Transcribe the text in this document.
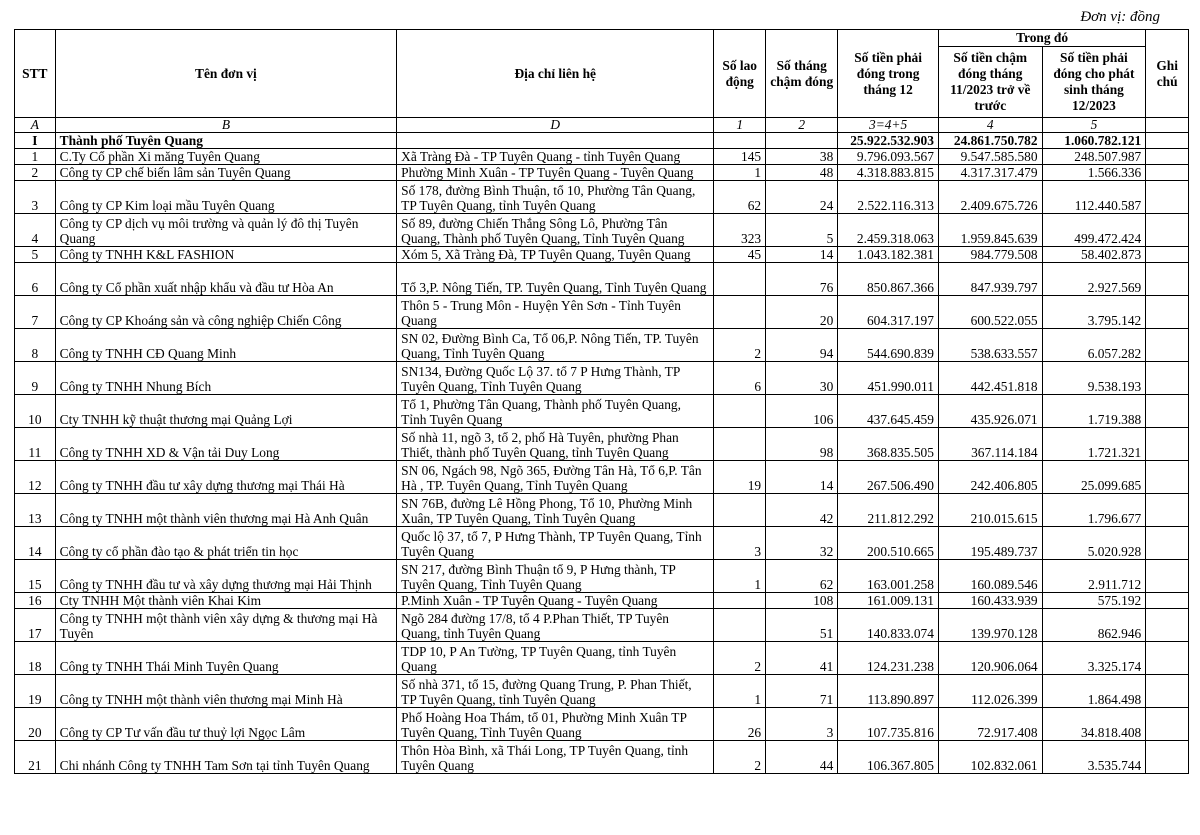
Đơn vị: đồng
STT	Tên đơn vị	Địa chỉ liên hệ	Số lao động	Số tháng chậm đóng	Số tiền phải đóng trong tháng 12	Trong đó		Ghi chú
						Số tiền chậm đóng tháng 11/2023 trở về trước	Số tiền phải đóng cho phát sinh tháng 12/2023	
A	B	D	1	2	3=4+5	4	5	
I	Thành phố Tuyên Quang				25.922.532.903	24.861.750.782	1.060.782.121	
1	C.Ty Cổ phần Xi măng Tuyên Quang	Xã Tràng Đà - TP Tuyên Quang - tỉnh Tuyên Quang	145	38	9.796.093.567	9.547.585.580	248.507.987	
2	Công ty CP chế biến lâm sản Tuyên Quang	Phường Minh Xuân - TP Tuyên Quang - Tuyên Quang	1	48	4.318.883.815	4.317.317.479	1.566.336	
3	Công ty CP Kim loại mầu Tuyên Quang	Số 178, đường Bình Thuận, tổ 10, Phường Tân Quang, TP Tuyên Quang, tỉnh Tuyên Quang	62	24	2.522.116.313	2.409.675.726	112.440.587	
4	Công ty CP dịch vụ môi trường và quản lý đô thị Tuyên Quang	Số 89, đường Chiến Thắng Sông Lô, Phường Tân Quang, Thành phố Tuyên Quang, Tỉnh Tuyên Quang	323	5	2.459.318.063	1.959.845.639	499.472.424	
5	Công ty TNHH K&L FASHION	Xóm 5, Xã Tràng Đà, TP Tuyên Quang, Tuyên Quang	45	14	1.043.182.381	984.779.508	58.402.873	
6	Công ty Cổ phần xuất nhập khẩu và đầu tư Hòa An	Tổ 3,P. Nông Tiến, TP. Tuyên Quang, Tỉnh Tuyên Quang		76	850.867.366	847.939.797	2.927.569	
7	Công ty CP Khoáng sản và công nghiệp Chiến Công	Thôn 5 - Trung Môn - Huyện Yên Sơn - Tỉnh Tuyên Quang		20	604.317.197	600.522.055	3.795.142	
8	Công ty TNHH CĐ Quang Minh	SN 02, Đường Bình Ca, Tổ 06,P. Nông Tiến, TP. Tuyên Quang, Tỉnh Tuyên Quang	2	94	544.690.839	538.633.557	6.057.282	
9	Công ty TNHH Nhung Bích	SN134, Đường Quốc Lộ 37. tổ 7 P Hưng Thành, TP Tuyên Quang, Tỉnh Tuyên Quang	6	30	451.990.011	442.451.818	9.538.193	
10	Cty TNHH kỹ thuật thương mại Quảng Lợi	Tổ 1, Phường Tân Quang, Thành phố Tuyên Quang, Tỉnh Tuyên Quang		106	437.645.459	435.926.071	1.719.388	
11	Công ty TNHH XD & Vận tải Duy Long	Số nhà 11, ngõ 3, tổ 2, phố Hà Tuyên, phường Phan Thiết, thành phố Tuyên Quang, tỉnh Tuyên Quang		98	368.835.505	367.114.184	1.721.321	
12	Công ty TNHH đầu tư xây dựng thương mại Thái Hà	SN 06, Ngách 98, Ngõ 365, Đường Tân Hà, Tổ 6,P. Tân Hà , TP. Tuyên Quang, Tỉnh Tuyên Quang	19	14	267.506.490	242.406.805	25.099.685	
13	Công ty TNHH một thành viên thương mại Hà Anh Quân	SN 76B, đường Lê Hồng Phong, Tổ 10, Phường Minh Xuân, TP Tuyên Quang, Tỉnh Tuyên Quang		42	211.812.292	210.015.615	1.796.677	
14	Công ty cổ phần đào tạo & phát triển tin học	Quốc lộ 37, tổ 7, P Hưng Thành, TP Tuyên Quang, Tỉnh Tuyên Quang	3	32	200.510.665	195.489.737	5.020.928	
15	Công ty TNHH đầu tư và xây dựng thương mại Hải Thịnh	SN 217, đường Bình Thuận tổ 9, P Hưng thành, TP Tuyên Quang, Tỉnh Tuyên Quang	1	62	163.001.258	160.089.546	2.911.712	
16	Cty TNHH Một thành viên Khai Kim	P.Minh Xuân - TP Tuyên Quang - Tuyên Quang		108	161.009.131	160.433.939	575.192	
17	Công ty TNHH một thành viên xây dựng & thương mại Hà Tuyên	Ngõ 284 đường 17/8, tổ 4 P.Phan Thiết, TP Tuyên Quang, tỉnh Tuyên Quang		51	140.833.074	139.970.128	862.946	
18	Công ty TNHH Thái Minh Tuyên Quang	TDP 10, P An Tường, TP Tuyên Quang, tỉnh Tuyên Quang	2	41	124.231.238	120.906.064	3.325.174	
19	Công ty TNHH một thành viên thương mại Minh Hà	Số nhà 371, tổ 15, đường Quang Trung, P. Phan Thiết, TP Tuyên Quang, tỉnh Tuyên Quang	1	71	113.890.897	112.026.399	1.864.498	
20	Công ty CP Tư vấn đầu tư thuỷ lợi Ngọc Lâm	Phố Hoàng Hoa Thám, tổ 01, Phường Minh Xuân TP Tuyên Quang, Tỉnh Tuyên Quang	26	3	107.735.816	72.917.408	34.818.408	
21	Chi nhánh Công ty TNHH Tam Sơn tại tỉnh Tuyên Quang	Thôn Hòa Bình, xã Thái Long, TP Tuyên Quang, tỉnh Tuyên Quang	2	44	106.367.805	102.832.061	3.535.744	
